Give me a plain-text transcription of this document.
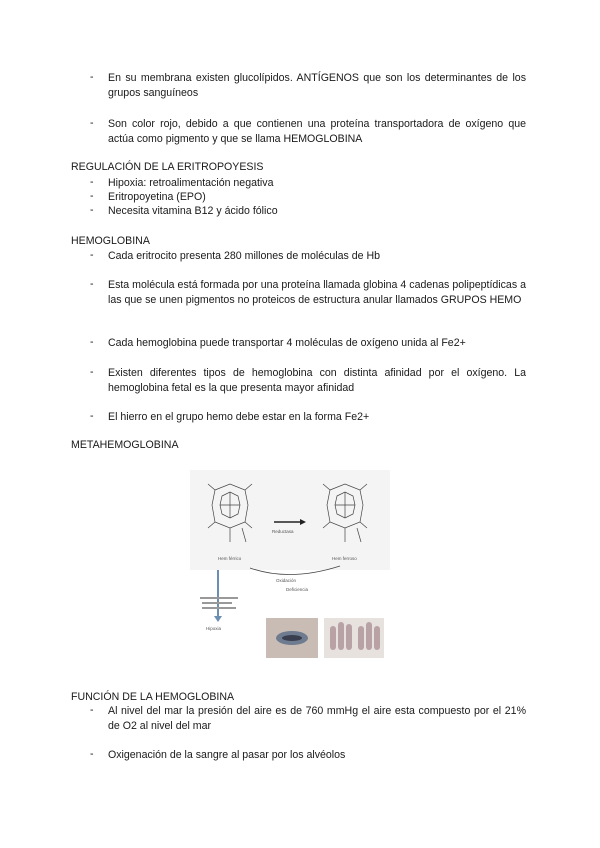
- En su membrana existen glucolípidos. ANTÍGENOS que son los determinantes de los grupos sanguíneos
- Son color rojo, debido a que contienen una proteína transportadora de oxígeno que actúa como pigmento y que se llama HEMOGLOBINA
REGULACIÓN DE LA ERITROPOYESIS
- Hipoxia: retroalimentación negativa
- Eritropoyetina (EPO)
- Necesita vitamina B12 y ácido fólico
HEMOGLOBINA
- Cada eritrocito presenta 280 millones de moléculas de Hb
- Esta molécula está formada por una proteína llamada globina 4 cadenas polipeptídicas a las que se unen pigmentos no proteicos de estructura anular llamados GRUPOS HEMO
- Cada hemoglobina puede transportar 4 moléculas de oxígeno unida al Fe2+
- Existen diferentes tipos de hemoglobina con distinta afinidad por el oxígeno. La hemoglobina fetal es la que presenta mayor afinidad
- El hierro en el grupo hemo debe estar en la forma Fe2+
METAHEMOGLOBINA
Reductasa
Hem férrico	Hem ferroso
Oxidación
Deficiencia
Hipoxia
FUNCIÓN DE LA HEMOGLOBINA
- Al nivel del mar la presión del aire es de 760 mmHg el aire esta compuesto por el 21% de O2 al nivel del mar
- Oxigenación de la sangre al pasar por los alvéolos
